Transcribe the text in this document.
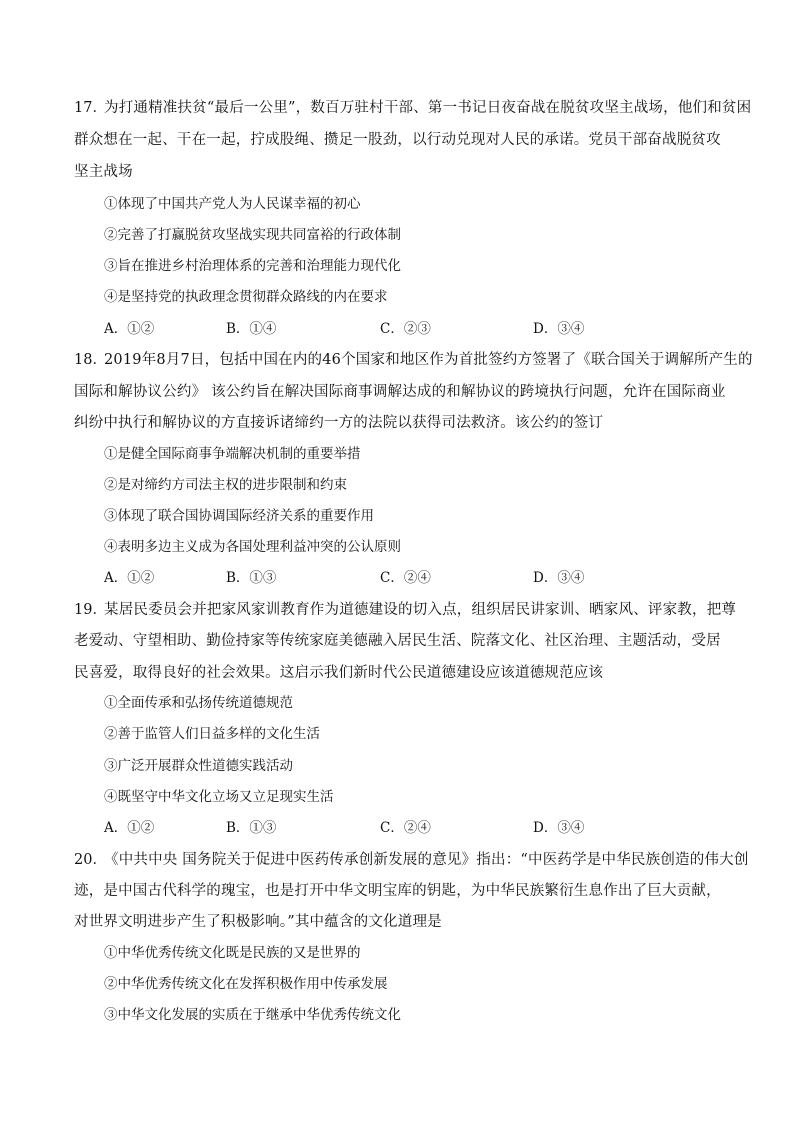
17．
为打通精准扶贫“最后一公里”，数百万驻村干部、第一书记日夜奋战在脱贫攻坚主战场，他们和贫困
群众想在一起、干在一起，拧成股绳、攒足一股劲，以行动兑现对人民的承诺。党员干部奋战脱贫攻
坚主战场
①体现了中国共产党人为人民谋幸福的初心
②完善了打赢脱贫攻坚战实现共同富裕的行政体制
③旨在推进乡村治理体系的完善和治理能力现代化
④是坚持党的执政理念贯彻群众路线的内在要求
A．①②	B．①④	C．②③	D．③④
18．
2019年8月7日，包括中国在内的46个国家和地区作为首批签约方签署了《联合国关于调解所产生的
国际和解协议公约》 该公约旨在解决国际商事调解达成的和解协议的跨境执行问题，允许在国际商业
纠纷中执行和解协议的方直接诉诸缔约一方的法院以获得司法救济。该公约的签订
①是健全国际商事争端解决机制的重要举措
②是对缔约方司法主权的进步限制和约束
③体现了联合国协调国际经济关系的重要作用
④表明多边主义成为各国处理利益冲突的公认原则
A．①②	B．①③	C．②④	D．③④
19．
某居民委员会并把家风家训教育作为道德建设的切入点，组织居民讲家训、晒家风、评家教，把尊
老爱动、守望相助、勤俭持家等传统家庭美德融入居民生活、院落文化、社区治理、主题活动，受居
民喜爱，取得良好的社会效果。这启示我们新时代公民道德建设应该道德规范应该
①全面传承和弘扬传统道德规范
②善于监管人们日益多样的文化生活
③广泛开展群众性道德实践活动
④既坚守中华文化立场又立足现实生活
A．①②	B．①③	C．②④	D．③④
20．
《中共中央 国务院关于促进中医药传承创新发展的意见》指出：“中医药学是中华民族创造的伟大创
迹，是中国古代科学的瑰宝，也是打开中华文明宝库的钥匙，为中华民族繁衍生息作出了巨大贡献，
对世界文明进步产生了积极影响。”其中蕴含的文化道理是
①中华优秀传统文化既是民族的又是世界的
②中华优秀传统文化在发挥积极作用中传承发展
③中华文化发展的实质在于继承中华优秀传统文化
